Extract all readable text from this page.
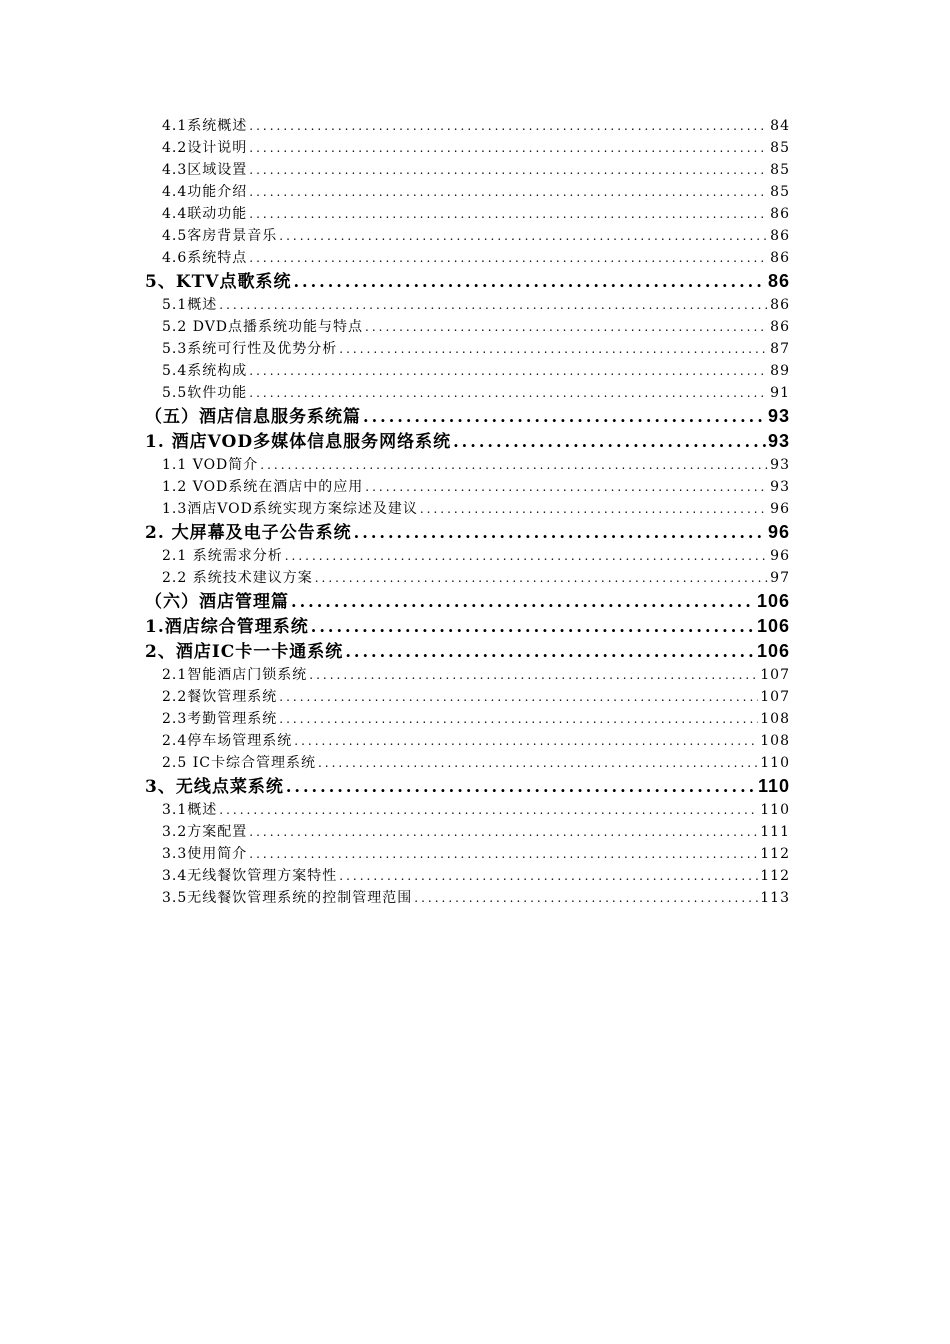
4.1系统概述 .....	84
4.2设计说明 .....	85
4.3区域设置 .....	85
4.4功能介绍 .....	85
4.4联动功能 .....	86
4.5客房背景音乐 .....	86
4.6系统特点 .....	86
5、KTV点歌系统 .....	86
5.1概述 .....	86
5.2 DVD点播系统功能与特点 .....	86
5.3系统可行性及优势分析 .....	87
5.4系统构成 .....	89
5.5软件功能 .....	91
（五）酒店信息服务系统篇 .....	93
1. 酒店VOD多媒体信息服务网络系统 .....	93
1.1 VOD简介 .....	93
1.2 VOD系统在酒店中的应用 .....	93
1.3酒店VOD系统实现方案综述及建议 .....	96
2. 大屏幕及电子公告系统 .....	96
2.1 系统需求分析 .....	96
2.2 系统技术建议方案 .....	97
（六）酒店管理篇 .....	106
1.酒店综合管理系统 .....	106
2、酒店IC卡一卡通系统 .....	106
2.1智能酒店门锁系统 .....	107
2.2餐饮管理系统 .....	107
2.3考勤管理系统 .....	108
2.4停车场管理系统 .....	108
2.5 IC卡综合管理系统 .....	110
3、无线点菜系统 .....	110
3.1概述 .....	110
3.2方案配置 .....	111
3.3使用简介 .....	112
3.4无线餐饮管理方案特性 .....	112
3.5无线餐饮管理系统的控制管理范围 .....	113
